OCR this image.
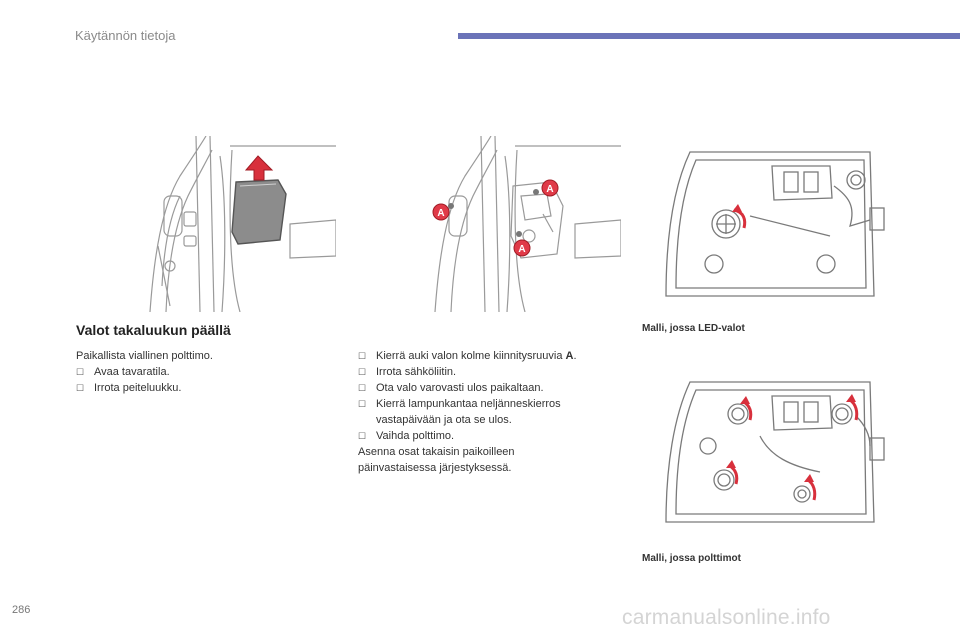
Käytännön tietoja
A
A
A
Malli, jossa LED-valot
Malli, jossa polttimot
Valot takaluukun päällä
Paikallista viallinen polttimo.
☐ Avaa tavaratila.
☐ Irrota peiteluukku.
☐ Kierrä auki valon kolme kiinnitysruuvia A.
☐ Irrota sähköliitin.
☐ Ota valo varovasti ulos paikaltaan.
☐ Kierrä lampunkantaa neljänneskierros
vastapäivään ja ota se ulos.
☐ Vaihda polttimo.
Asenna osat takaisin paikoilleen
päinvastaisessa järjestyksessä.
286	carmanualsonline.info
